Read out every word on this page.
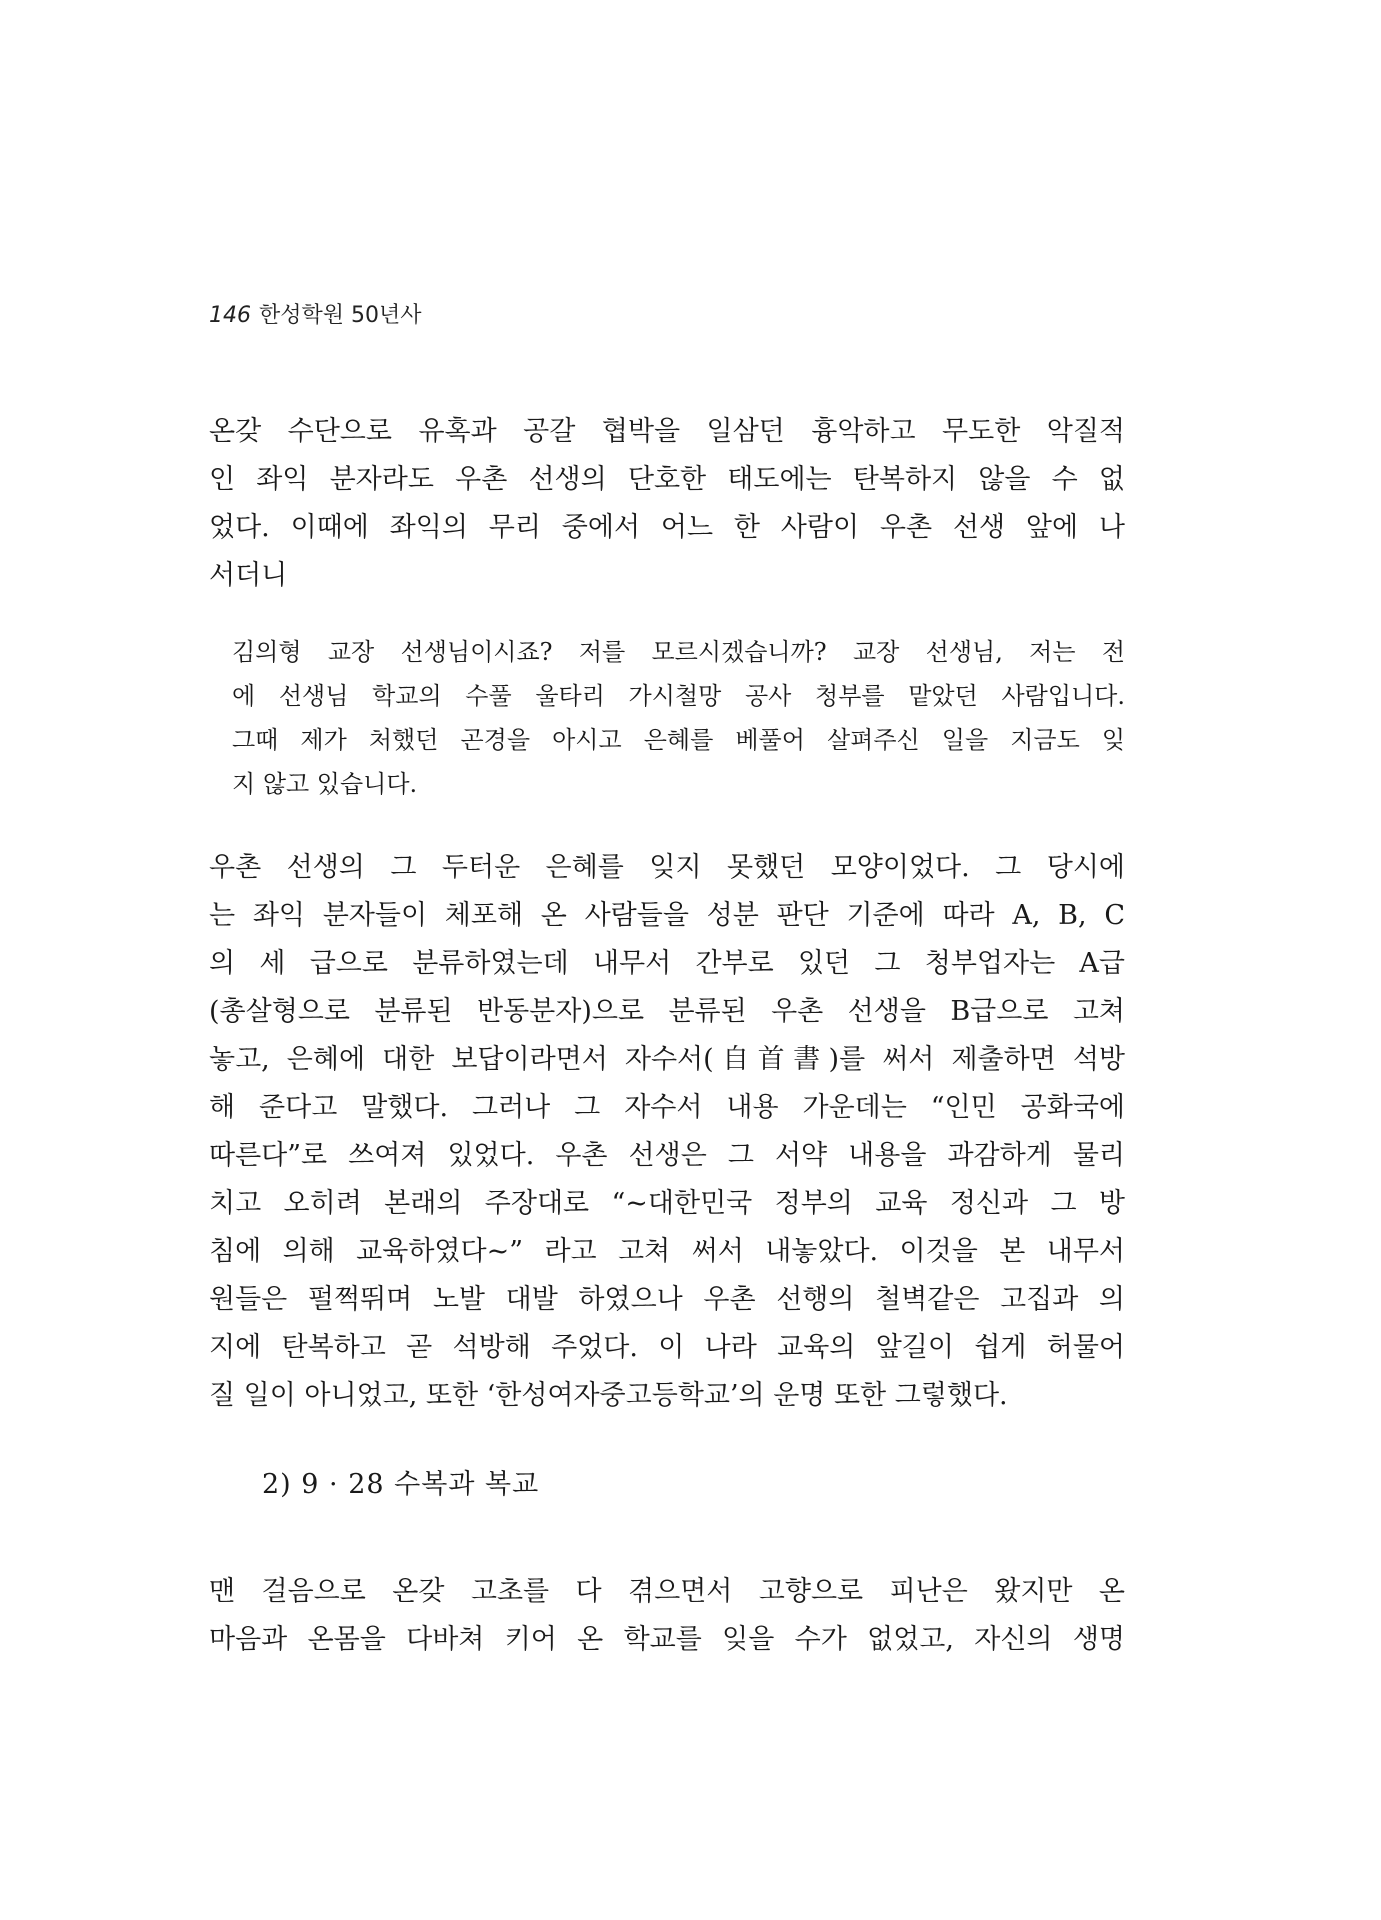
146 한성학원 50년사
온갖 수단으로 유혹과 공갈 협박을 일삼던 흉악하고 무도한 악질적
인 좌익 분자라도 우촌 선생의 단호한 태도에는 탄복하지 않을 수 없
었다. 이때에 좌익의 무리 중에서 어느 한 사람이 우촌 선생 앞에 나
서더니
김의형 교장 선생님이시죠? 저를 모르시겠습니까? 교장 선생님, 저는 전
에 선생님 학교의 수풀 울타리 가시철망 공사 청부를 맡았던 사람입니다.
그때 제가 처했던 곤경을 아시고 은혜를 베풀어 살펴주신 일을 지금도 잊
지 않고 있습니다.
우촌 선생의 그 두터운 은혜를 잊지 못했던 모양이었다. 그 당시에
는 좌익 분자들이 체포해 온 사람들을 성분 판단 기준에 따라 A, B, C
의 세 급으로 분류하였는데 내무서 간부로 있던 그 청부업자는 A급
(총살형으로 분류된 반동분자)으로 분류된 우촌 선생을 B급으로 고쳐
놓고, 은혜에 대한 보답이라면서 자수서(自首書)를 써서 제출하면 석방
해 준다고 말했다. 그러나 그 자수서 내용 가운데는 “인민 공화국에
따른다”로 쓰여져 있었다. 우촌 선생은 그 서약 내용을 과감하게 물리
치고 오히려 본래의 주장대로 “~대한민국 정부의 교육 정신과 그 방
침에 의해 교육하였다~” 라고 고쳐 써서 내놓았다. 이것을 본 내무서
원들은 펄쩍뛰며 노발 대발 하였으나 우촌 선행의 철벽같은 고집과 의
지에 탄복하고 곧 석방해 주었다. 이 나라 교육의 앞길이 쉽게 허물어
질 일이 아니었고, 또한 ‘한성여자중고등학교’의 운명 또한 그렇했다.
2) 9 · 28 수복과 복교
맨 걸음으로 온갖 고초를 다 겪으면서 고향으로 피난은 왔지만 온
마음과 온몸을 다바쳐 키어 온 학교를 잊을 수가 없었고, 자신의 생명
